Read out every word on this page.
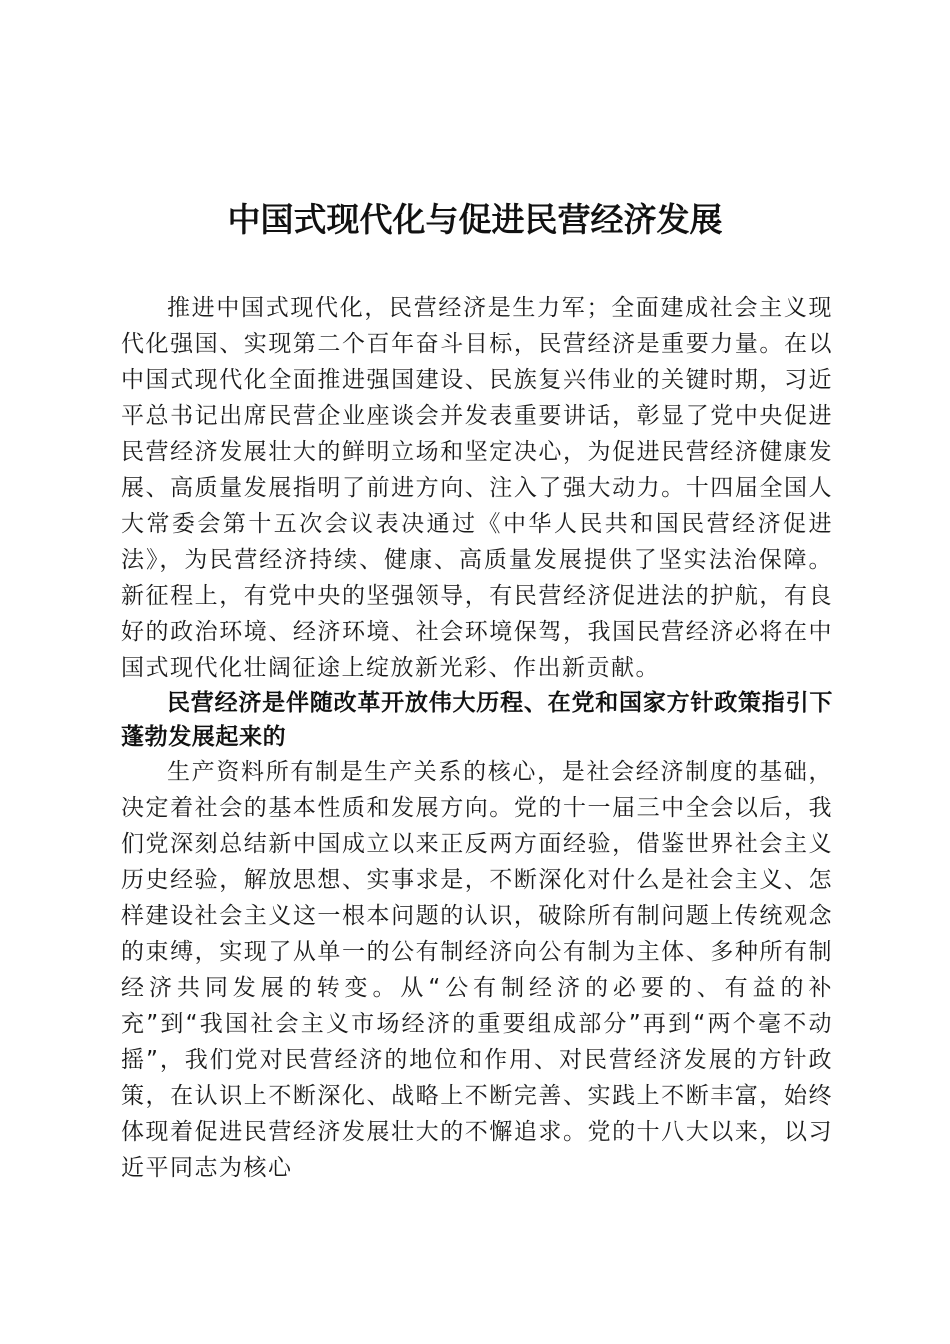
中国式现代化与促进民营经济发展

推进中国式现代化，民营经济是生力军；全面建成社会主义现代化强国、实现第二个百年奋斗目标，民营经济是重要力量。在以中国式现代化全面推进强国建设、民族复兴伟业的关键时期，习近平总书记出席民营企业座谈会并发表重要讲话，彰显了党中央促进民营经济发展壮大的鲜明立场和坚定决心，为促进民营经济健康发展、高质量发展指明了前进方向、注入了强大动力。十四届全国人大常委会第十五次会议表决通过《中华人民共和国民营经济促进法》，为民营经济持续、健康、高质量发展提供了坚实法治保障。新征程上，有党中央的坚强领导，有民营经济促进法的护航，有良好的政治环境、经济环境、社会环境保驾，我国民营经济必将在中国式现代化壮阔征途上绽放新光彩、作出新贡献。

民营经济是伴随改革开放伟大历程、在党和国家方针政策指引下蓬勃发展起来的

生产资料所有制是生产关系的核心，是社会经济制度的基础，决定着社会的基本性质和发展方向。党的十一届三中全会以后，我们党深刻总结新中国成立以来正反两方面经验，借鉴世界社会主义历史经验，解放思想、实事求是，不断深化对什么是社会主义、怎样建设社会主义这一根本问题的认识，破除所有制问题上传统观念的束缚，实现了从单一的公有制经济向公有制为主体、多种所有制经济共同发展的转变。从“公有制经济的必要的、有益的补充”到“我国社会主义市场经济的重要组成部分”再到“两个毫不动摇”，我们党对民营经济的地位和作用、对民营经济发展的方针政策，在认识上不断深化、战略上不断完善、实践上不断丰富，始终体现着促进民营经济发展壮大的不懈追求。党的十八大以来，以习近平同志为核心
